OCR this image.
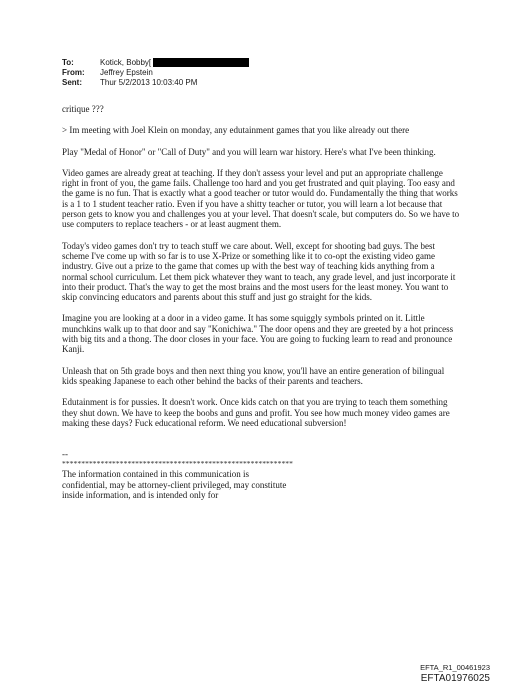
To:	Kotick, Bobby[
From:	Jeffrey Epstein
Sent:	Thur 5/2/2013 10:03:40 PM

critique ???

> Im meeting with Joel Klein on monday, any edutainment games that you like already out there

Play "Medal of Honor" or "Call of Duty" and you will learn war history. Here's what I've been thinking.

Video games are already great at teaching. If they don't assess your level and put an appropriate challenge right in front of you, the game fails. Challenge too hard and you get frustrated and quit playing. Too easy and the game is no fun. That is exactly what a good teacher or tutor would do. Fundamentally the thing that works is a 1 to 1 student teacher ratio. Even if you have a shitty teacher or tutor, you will learn a lot because that person gets to know you and challenges you at your level. That doesn't scale, but computers do. So we have to use computers to replace teachers - or at least augment them.

Today's video games don't try to teach stuff we care about. Well, except for shooting bad guys. The best scheme I've come up with so far is to use X-Prize or something like it to co-opt the existing video game industry. Give out a prize to the game that comes up with the best way of teaching kids anything from a normal school curriculum. Let them pick whatever they want to teach, any grade level, and just incorporate it into their product. That's the way to get the most brains and the most users for the least money. You want to skip convincing educators and parents about this stuff and just go straight for the kids.

Imagine you are looking at a door in a video game. It has some squiggly symbols printed on it. Little munchkins walk up to that door and say "Konichiwa." The door opens and they are greeted by a hot princess with big tits and a thong. The door closes in your face. You are going to fucking learn to read and pronounce Kanji.

Unleash that on 5th grade boys and then next thing you know, you'll have an entire generation of bilingual kids speaking Japanese to each other behind the backs of their parents and teachers.

Edutainment is for pussies. It doesn't work. Once kids catch on that you are trying to teach them something they shut down. We have to keep the boobs and guns and profit. You see how much money video games are making these days? Fuck educational reform. We need educational subversion!

--
************************************************************
The information contained in this communication is confidential, may be attorney-client privileged, may constitute inside information, and is intended only for
EFTA_R1_00461923
EFTA01976025
